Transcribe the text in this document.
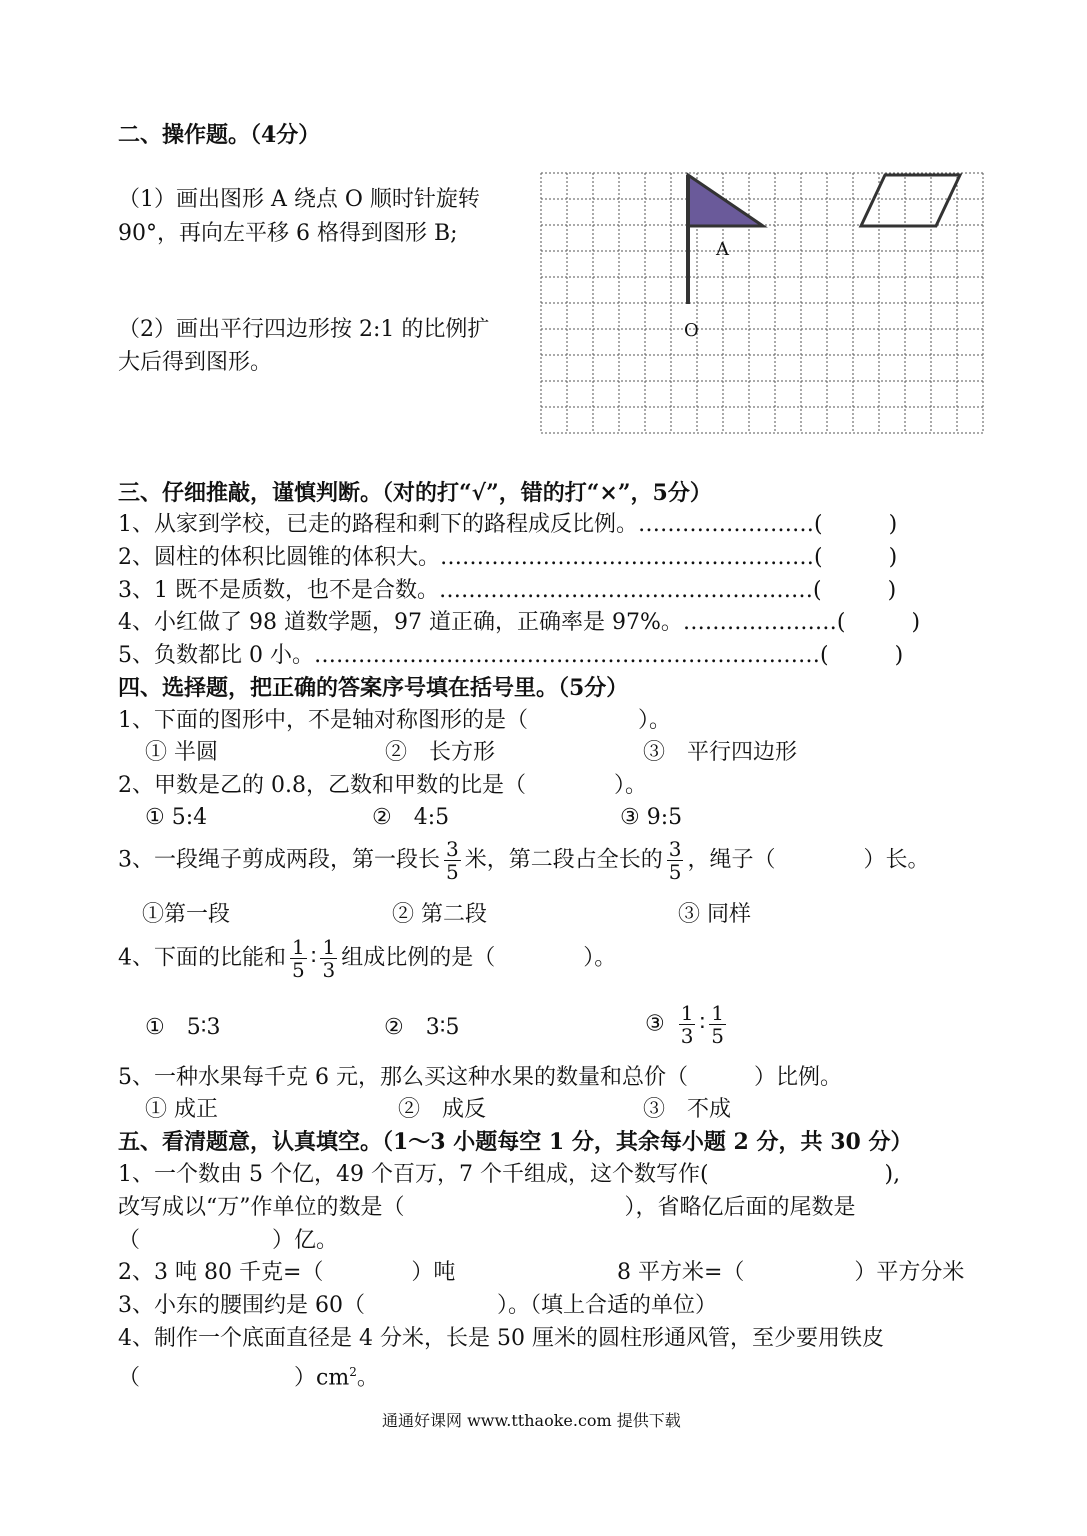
二、操作题。（4分）
（1）画出图形 A 绕点 O 顺时针旋转
90°，再向左平移 6 格得到图形 B;
（2）画出平行四边形按 2:1 的比例扩
大后得到图形。
A
O
三、仔细推敲，谨慎判断。（对的打“√”，错的打“×”，5分）
1、从家到学校，已走的路程和剩下的路程成反比例。……………………(　　　)
2、圆柱的体积比圆锥的体积大。……………………………………………(　　　)
3、1 既不是质数，也不是合数。……………………………………………(　　　)
4、小红做了 98 道数学题，97 道正确，正确率是 97%。…………………(　　　)
5、负数都比 0 小。……………………………………………………………(　　　)
四、选择题，把正确的答案序号填在括号里。（5分）
1、下面的图形中，不是轴对称图形的是（　　　　　）。
① 半圆	②　长方形	③　平行四边形
2、甲数是乙的 0.8，乙数和甲数的比是（　　　　）。
① 5:4	②　4:5	③ 9:5
3、一段绳子剪成两段，第一段长 $\frac{3}{5}$ 米，第二段占全长的 $\frac{3}{5}$ ，绳子（　　　　）长。
①第一段	② 第二段	③ 同样
4、下面的比能和 $\frac{1}{5}$ ∶ $\frac{1}{3}$ 组成比例的是（　　　　）。
①　5∶3	②　3∶5	③ $\frac{1}{3}$ ∶ $\frac{1}{5}$
5、一种水果每千克 6 元，那么买这种水果的数量和总价（　　　）比例。
① 成正	②　成反	③　不成
五、看清题意，认真填空。（1～3 小题每空 1 分，其余每小题 2 分，共 30 分）
1、一个数由 5 个亿，49 个百万，7 个千组成，这个数写作(　　　　　　　　),
改写成以“万”作单位的数是（　　　　　　　　　　），省略亿后面的尾数是
（　　　　　　）亿。
2、3 吨 80 千克=（　　　　）吨	8 平方米=（　　　　　）平方分米
3、小东的腰围约是 60（　　　　　　）。（填上合适的单位）
4、制作一个底面直径是 4 分米，长是 50 厘米的圆柱形通风管，至少要用铁皮
（　　　　　　　）$cm^2$。
通通好课网 www.tthaoke.com 提供下载
